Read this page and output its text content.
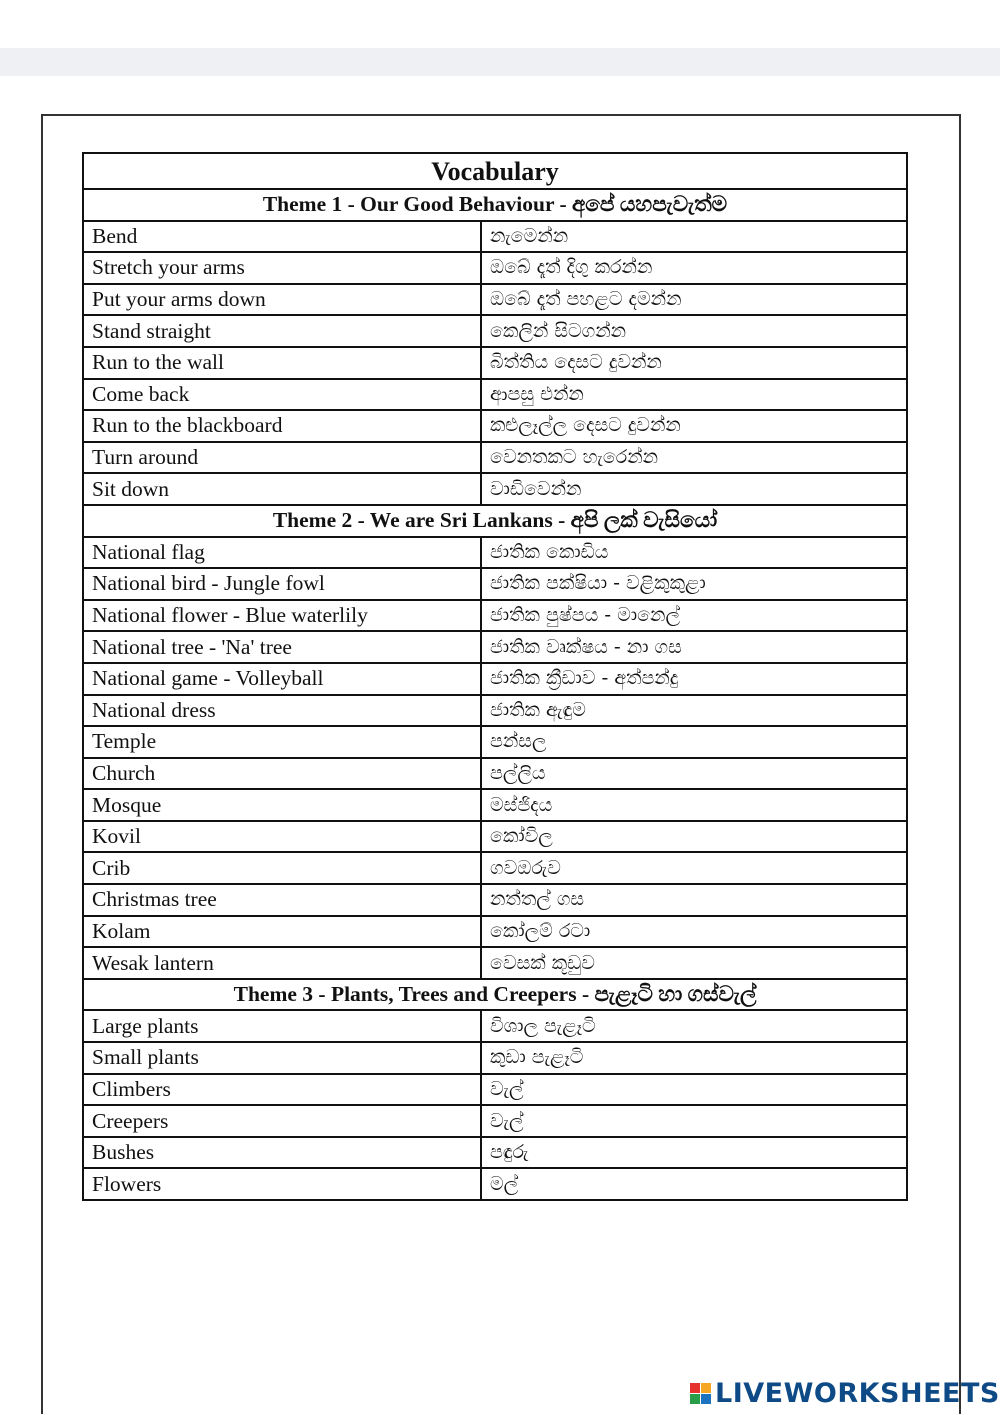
Vocabulary	
Theme 1 - Our Good Behaviour - අපේ යහපැවැත්ම	
Bend	නැමෙන්න
Stretch your arms	ඔබේ දෑත් දිගු කරන්න
Put your arms down	ඔබේ දෑත් පහළට දමන්න
Stand straight	කෙලින් සිටගන්න
Run to the wall	බිත්තිය දෙසට දුවන්න
Come back	ආපසු එන්න
Run to the blackboard	කළුලෑල්ල දෙසට දුවන්න
Turn around	වෙනතකට හැරෙන්න
Sit down	වාඩිවෙන්න
Theme 2 - We are Sri Lankans - අපි ලක් වැසියෝ	
National flag	ජාතික කොඩිය
National bird - Jungle fowl	ජාතික පක්ෂියා - වළිකුකුළා
National flower - Blue waterlily	ජාතික පුෂ්පය - මානෙල්
National tree - 'Na' tree	ජාතික වෘක්ෂය - නා ගස
National game - Volleyball	ජාතික ක්‍රීඩාව - අත්පන්දු
National dress	ජාතික ඇඳුම
Temple	පන්සල
Church	පල්ලිය
Mosque	මස්ජිදය
Kovil	කෝවිල
Crib	ගවඔරුව
Christmas tree	නත්තල් ගස
Kolam	කෝලම් රටා
Wesak lantern	වෙසක් කූඩුව
Theme 3 - Plants, Trees and Creepers - පැළෑටි හා ගස්වැල්	
Large plants	විශාල පැළෑටි
Small plants	කුඩා පැළෑටි
Climbers	වැල්
Creepers	වැල්
Bushes	පඳුරු
Flowers	මල්
LIVEWORKSHEETS
